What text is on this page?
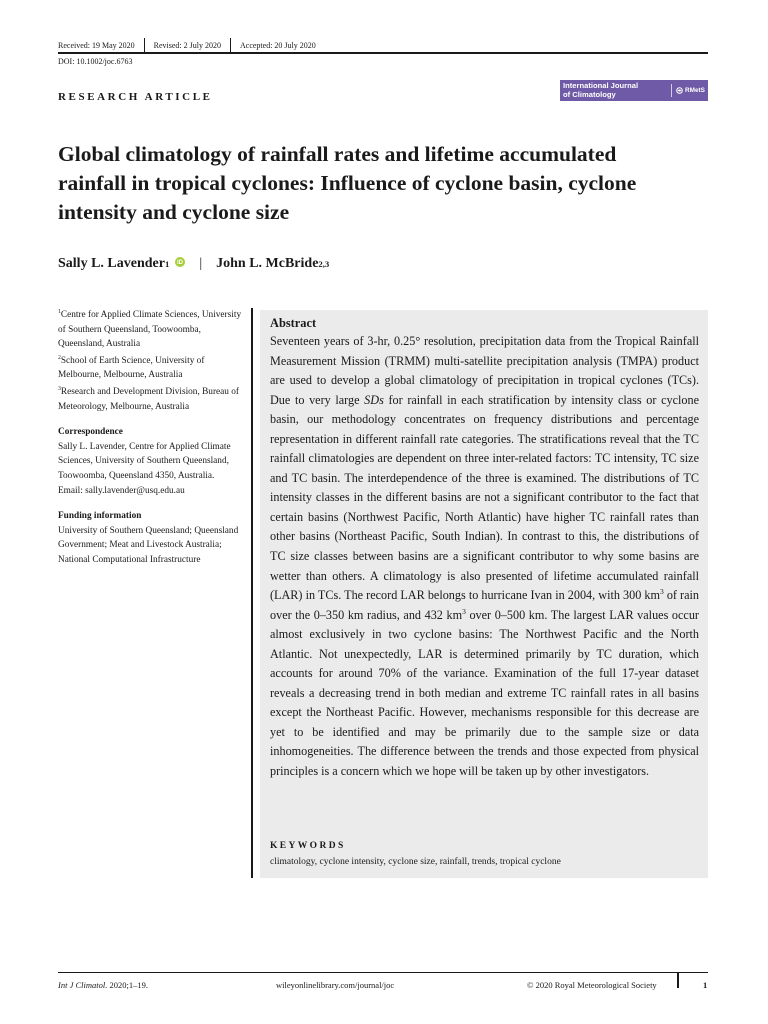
Received: 19 May 2020 Revised: 2 July 2020 Accepted: 20 July 2020
DOI: 10.1002/joc.6763
RESEARCH ARTICLE
International Journal
of Climatology	RMetS
Global climatology of rainfall rates and lifetime accumulated rainfall in tropical cyclones: Influence of cyclone basin, cyclone intensity and cyclone size
Sally L. Lavender 1 iD | John L. McBride 2,3
$^1$Centre for Applied Climate Sciences, University of Southern Queensland, Toowoomba, Queensland, Australia
$^2$School of Earth Science, University of Melbourne, Melbourne, Australia
$^3$Research and Development Division, Bureau of Meteorology, Melbourne, Australia
Correspondence
Sally L. Lavender, Centre for Applied Climate Sciences, University of Southern Queensland, Toowoomba, Queensland 4350, Australia.
Email: sally.lavender@usq.edu.au
Funding information
University of Southern Queensland; Queensland Government; Meat and Livestock Australia; National Computational Infrastructure
Abstract
Seventeen years of 3-hr, 0.25° resolution, precipitation data from the Tropical Rainfall Measurement Mission (TRMM) multi-satellite precipitation analysis (TMPA) product are used to develop a global climatology of precipitation in tropical cyclones (TCs). Due to very large SDs for rainfall in each stratification by intensity class or cyclone basin, our methodology concentrates on frequency distributions and percentage representation in different rainfall rate categories. The stratifications reveal that the TC rainfall climatologies are dependent on three inter-related factors: TC intensity, TC size and TC basin. The interdependence of the three is examined. The distributions of TC intensity classes in the different basins are not a significant contributor to the fact that certain basins (Northwest Pacific, North Atlantic) have higher TC rainfall rates than other basins (Northeast Pacific, South Indian). In contrast to this, the distributions of TC size classes between basins are a significant contributor to why some basins are wetter than others. A climatology is also presented of lifetime accumulated rainfall (LAR) in TCs. The record LAR belongs to hurricane Ivan in 2004, with 300 $km^3$ of rain over the 0–350 km radius, and 432 $km^3$ over 0–500 km. The largest LAR values occur almost exclusively in two cyclone basins: The Northwest Pacific and the North Atlantic. Not unexpectedly, LAR is determined primarily by TC duration, which accounts for around 70% of the variance. Examination of the full 17-year dataset reveals a decreasing trend in both median and extreme TC rainfall rates in all basins except the Northeast Pacific. However, mechanisms responsible for this decrease are yet to be identified and may be primarily due to the sample size or data inhomogeneities. The difference between the trends and those expected from physical principles is a concern which we hope will be taken up by other investigators.
KEYWORDS
climatology, cyclone intensity, cyclone size, rainfall, trends, tropical cyclone
Int J Climatol. 2020;1–19.	wileyonlinelibrary.com/journal/joc	© 2020 Royal Meteorological Society	1
